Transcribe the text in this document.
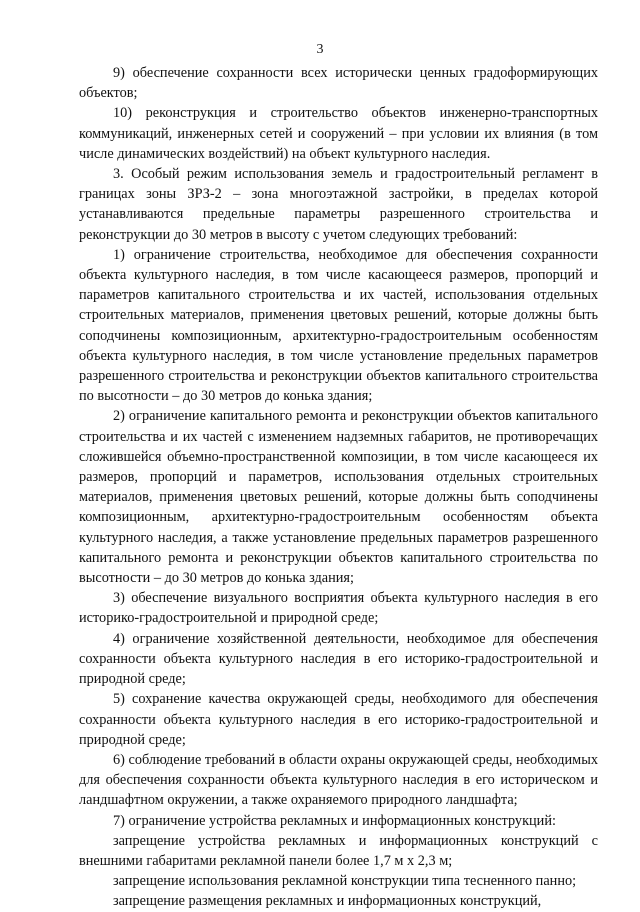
3

9) обеспечение сохранности всех исторически ценных градоформирующих объектов;

10) реконструкция и строительство объектов инженерно-транспортных коммуникаций, инженерных сетей и сооружений – при условии их влияния (в том числе динамических воздействий) на объект культурного наследия.

3. Особый режим использования земель и градостроительный регламент в границах зоны ЗРЗ-2 – зона многоэтажной застройки, в пределах которой устанавливаются предельные параметры разрешенного строительства и реконструкции до 30 метров в высоту с учетом следующих требований:

1) ограничение строительства, необходимое для обеспечения сохранности объекта культурного наследия, в том числе касающееся размеров, пропорций и параметров капитального строительства и их частей, использования отдельных строительных материалов, применения цветовых решений, которые должны быть соподчинены композиционным, архитектурно-градостроительным особенностям объекта культурного наследия, в том числе установление предельных параметров разрешенного строительства и реконструкции объектов капитального строительства по высотности – до 30 метров до конька здания;

2) ограничение капитального ремонта и реконструкции объектов капитального строительства и их частей с изменением надземных габаритов, не противоречащих сложившейся объемно-пространственной композиции, в том числе касающееся их размеров, пропорций и параметров, использования отдельных строительных материалов, применения цветовых решений, которые должны быть соподчинены композиционным, архитектурно-градостроительным особенностям объекта культурного наследия, а также установление предельных параметров разрешенного капитального ремонта и реконструкции объектов капитального строительства по высотности – до 30 метров до конька здания;

3) обеспечение визуального восприятия объекта культурного наследия в его историко-градостроительной и природной среде;

4) ограничение хозяйственной деятельности, необходимое для обеспечения сохранности объекта культурного наследия в его историко-градостроительной и природной среде;

5) сохранение качества окружающей среды, необходимого для обеспечения сохранности объекта культурного наследия в его историко-градостроительной и природной среде;

6) соблюдение требований в области охраны окружающей среды, необходимых для обеспечения сохранности объекта культурного наследия в его историческом и ландшафтном окружении, а также охраняемого природного ландшафта;

7) ограничение устройства рекламных и информационных конструкций:

запрещение устройства рекламных и информационных конструкций с внешними габаритами рекламной панели более 1,7 м x 2,3 м;

запрещение использования рекламной конструкции типа тесненного панно;

запрещение размещения рекламных и информационных конструкций,
